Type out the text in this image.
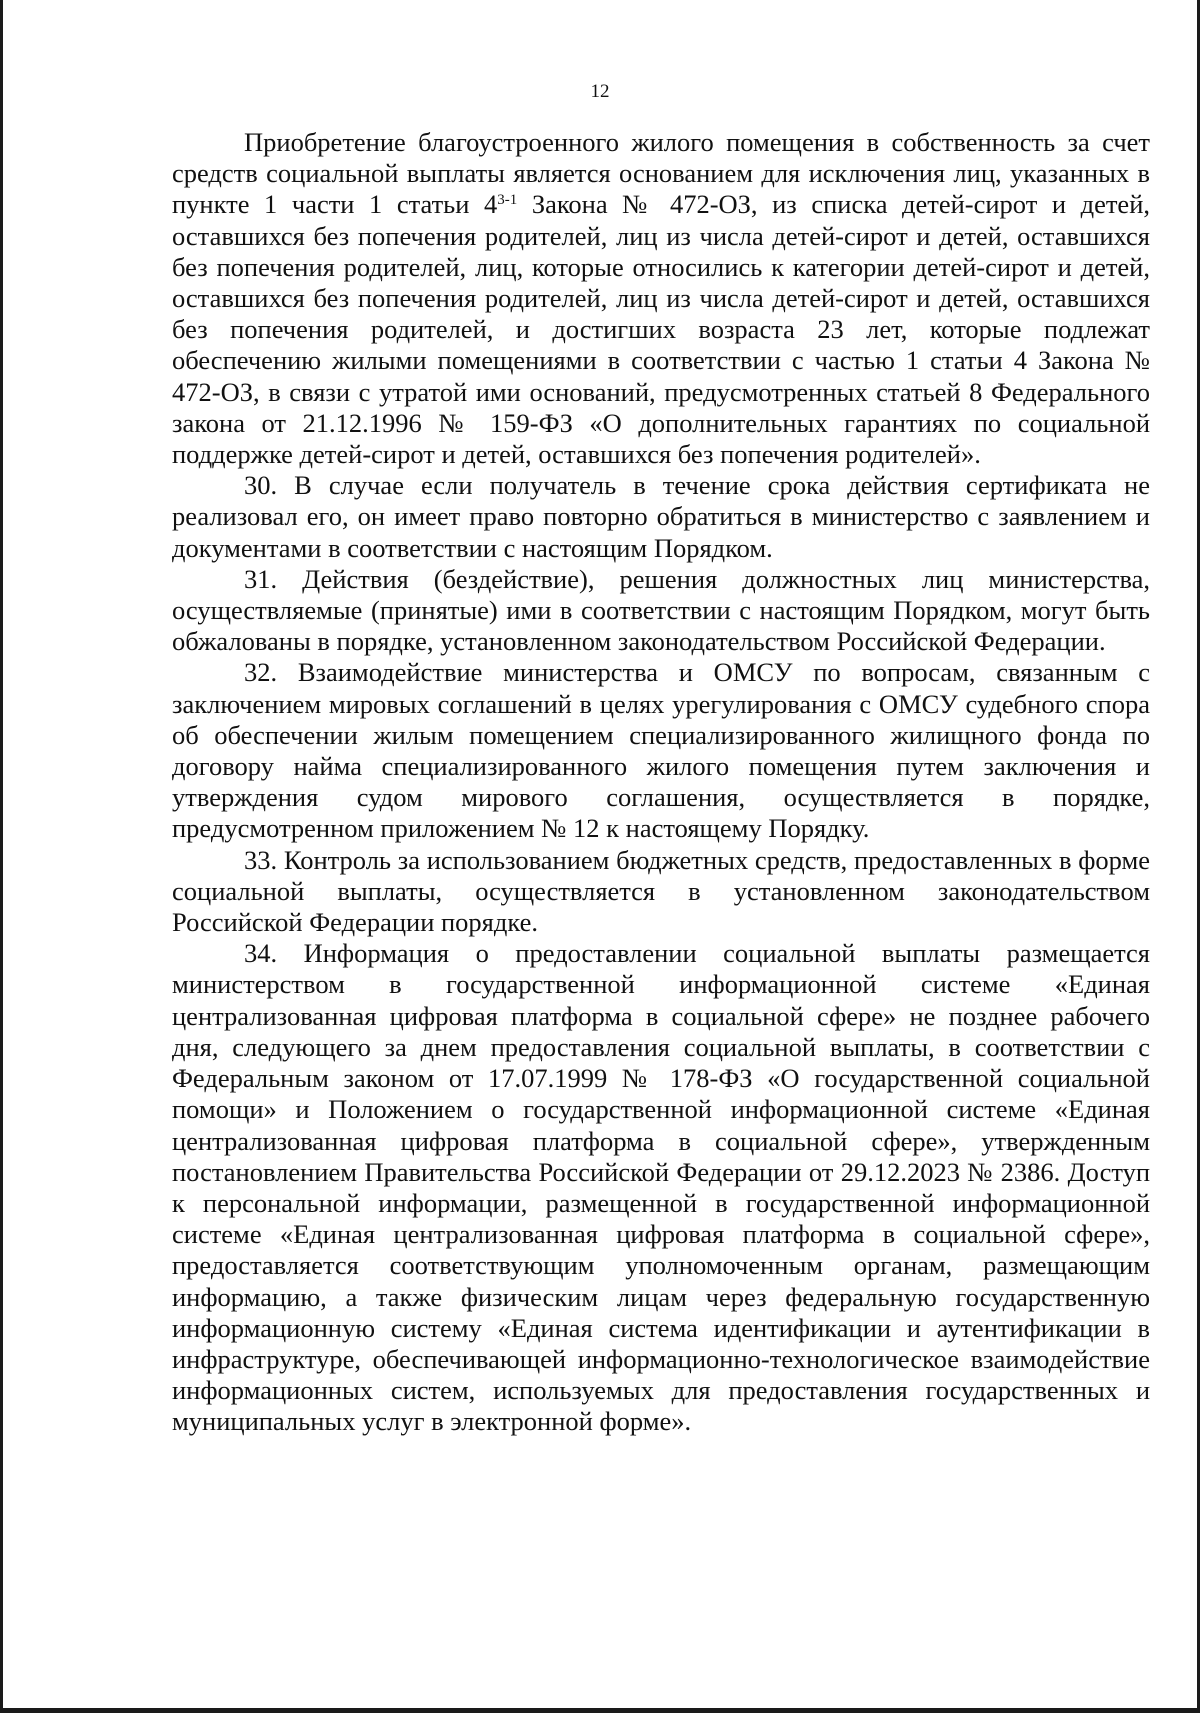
12

Приобретение благоустроенного жилого помещения в собственность за счет средств социальной выплаты является основанием для исключения лиц, указанных в пункте 1 части 1 статьи 4$^{3-1}$ Закона № 472-ОЗ, из списка детей-сирот и детей, оставшихся без попечения родителей, лиц из числа детей-сирот и детей, оставшихся без попечения родителей, лиц, которые относились к категории детей-сирот и детей, оставшихся без попечения родителей, лиц из числа детей-сирот и детей, оставшихся без попечения родителей, и достигших возраста 23 лет, которые подлежат обеспечению жилыми помещениями в соответствии с частью 1 статьи 4 Закона № 472-ОЗ, в связи с утратой ими оснований, предусмотренных статьей 8 Федерального закона от 21.12.1996 № 159-ФЗ «О дополнительных гарантиях по социальной поддержке детей-сирот и детей, оставшихся без попечения родителей».

30. В случае если получатель в течение срока действия сертификата не реализовал его, он имеет право повторно обратиться в министерство с заявлением и документами в соответствии с настоящим Порядком.

31. Действия (бездействие), решения должностных лиц министерства, осуществляемые (принятые) ими в соответствии с настоящим Порядком, могут быть обжалованы в порядке, установленном законодательством Российской Федерации.

32. Взаимодействие министерства и ОМСУ по вопросам, связанным с заключением мировых соглашений в целях урегулирования с ОМСУ судебного спора об обеспечении жилым помещением специализированного жилищного фонда по договору найма специализированного жилого помещения путем заключения и утверждения судом мирового соглашения, осуществляется в порядке, предусмотренном приложением № 12 к настоящему Порядку.

33. Контроль за использованием бюджетных средств, предоставленных в форме социальной выплаты, осуществляется в установленном законодательством Российской Федерации порядке.

34. Информация о предоставлении социальной выплаты размещается министерством в государственной информационной системе «Единая централизованная цифровая платформа в социальной сфере» не позднее рабочего дня, следующего за днем предоставления социальной выплаты, в соответствии с Федеральным законом от 17.07.1999 № 178-ФЗ «О государственной социальной помощи» и Положением о государственной информационной системе «Единая централизованная цифровая платформа в социальной сфере», утвержденным постановлением Правительства Российской Федерации от 29.12.2023 № 2386. Доступ к персональной информации, размещенной в государственной информационной системе «Единая централизованная цифровая платформа в социальной сфере», предоставляется соответствующим уполномоченным органам, размещающим информацию, а также физическим лицам через федеральную государственную информационную систему «Единая система идентификации и аутентификации в инфраструктуре, обеспечивающей информационно-технологическое взаимодействие информационных систем, используемых для предоставления государственных и муниципальных услуг в электронной форме».
